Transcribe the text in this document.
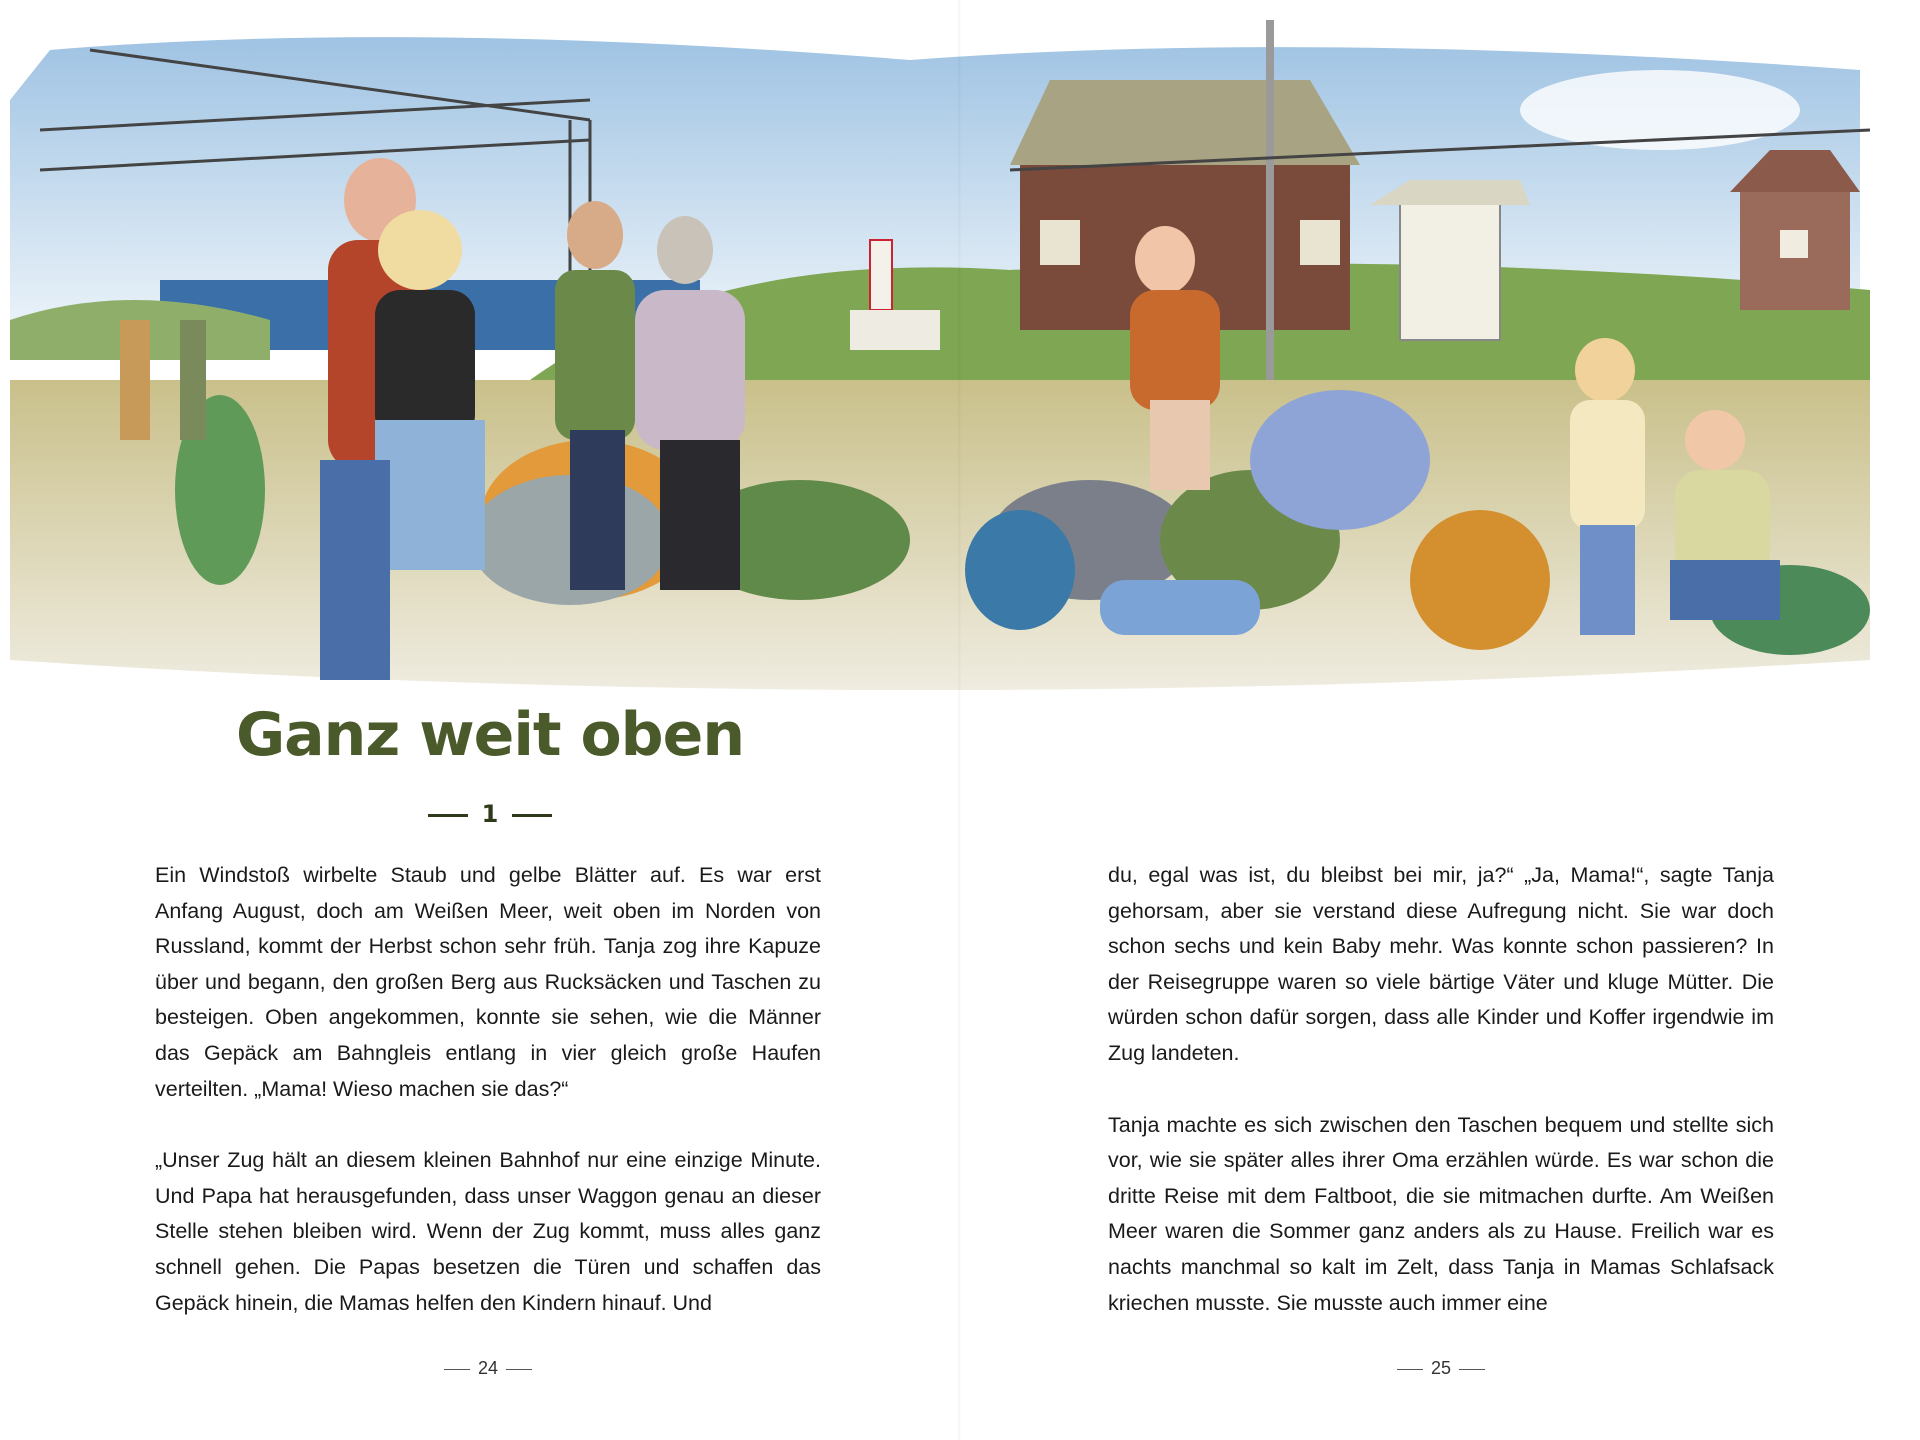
Ganz weit oben
1

Ein Windstoß wirbelte Staub und gelbe Blätter auf. Es war erst Anfang August, doch am Weißen Meer, weit oben im Norden von Russland, kommt der Herbst schon sehr früh. Tanja zog ihre Kapuze über und begann, den großen Berg aus Rucksäcken und Taschen zu besteigen. Oben angekommen, konnte sie sehen, wie die Männer das Gepäck am Bahngleis entlang in vier gleich große Haufen verteilten. „Mama! Wieso machen sie das?“

„Unser Zug hält an diesem kleinen Bahnhof nur eine einzige Minute. Und Papa hat herausgefunden, dass unser Waggon genau an dieser Stelle stehen bleiben wird. Wenn der Zug kommt, muss alles ganz schnell gehen. Die Papas besetzen die Türen und schaffen das Gepäck hinein, die Mamas helfen den Kindern hinauf. Und

24

du, egal was ist, du bleibst bei mir, ja?“ „Ja, Mama!“, sagte Tanja gehorsam, aber sie verstand diese Aufregung nicht. Sie war doch schon sechs und kein Baby mehr. Was konnte schon passieren? In der Reisegruppe waren so viele bärtige Väter und kluge Mütter. Die würden schon dafür sorgen, dass alle Kinder und Koffer irgendwie im Zug landeten.

Tanja machte es sich zwischen den Taschen bequem und stellte sich vor, wie sie später alles ihrer Oma erzählen würde. Es war schon die dritte Reise mit dem Faltboot, die sie mitmachen durfte. Am Weißen Meer waren die Sommer ganz anders als zu Hause. Freilich war es nachts manchmal so kalt im Zelt, dass Tanja in Mamas Schlafsack kriechen musste. Sie musste auch immer eine

25
